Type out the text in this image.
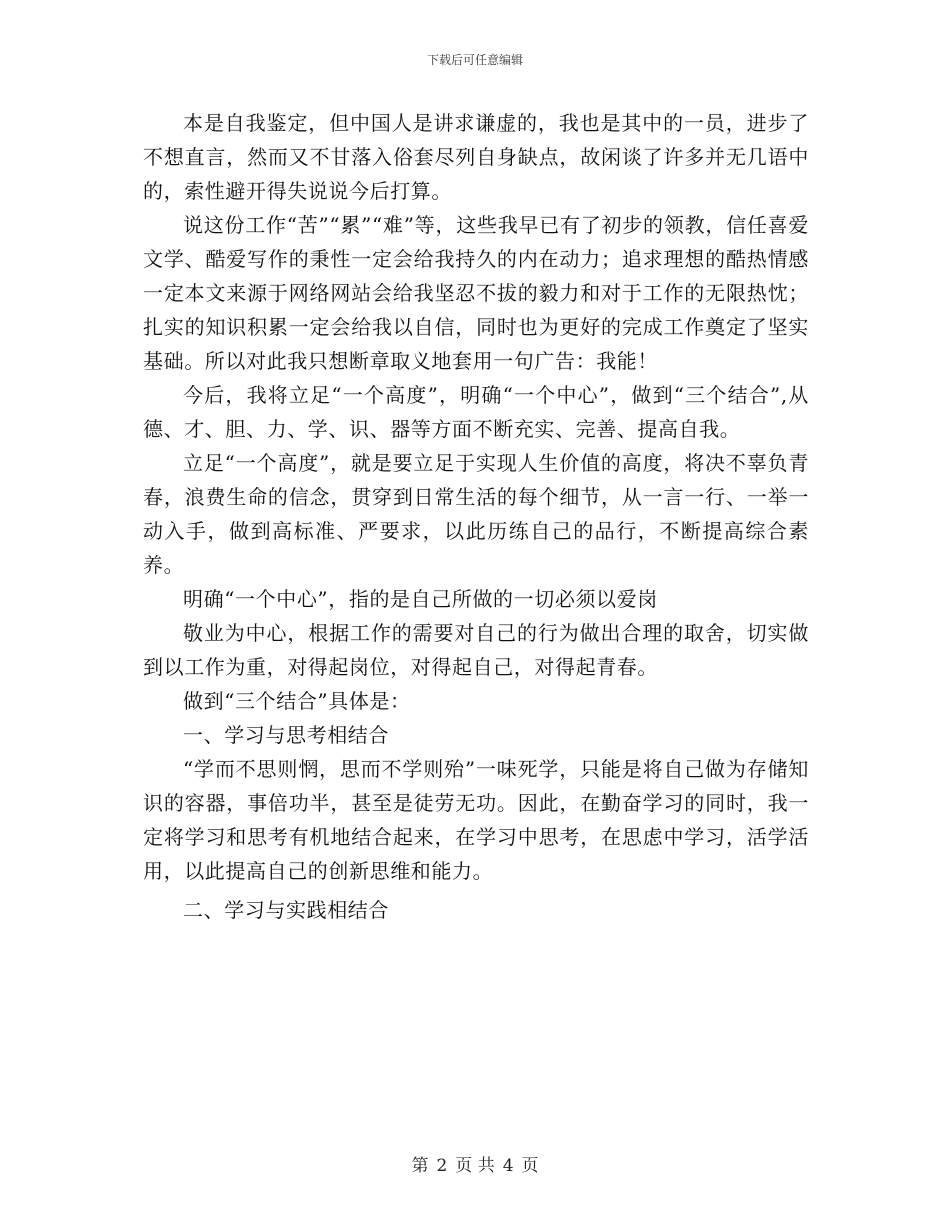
下载后可任意编辑

本是自我鉴定，但中国人是讲求谦虚的，我也是其中的一员，进步了不想直言，然而又不甘落入俗套尽列自身缺点，故闲谈了许多并无几语中的，索性避开得失说说今后打算。

说这份工作“苦”“累”“难”等，这些我早已有了初步的领教，信任喜爱文学、酷爱写作的秉性一定会给我持久的内在动力；追求理想的酷热情感一定本文来源于网络网站会给我坚忍不拔的毅力和对于工作的无限热忱；扎实的知识积累一定会给我以自信，同时也为更好的完成工作奠定了坚实基础。所以对此我只想断章取义地套用一句广告：我能！

今后，我将立足“一个高度”，明确“一个中心”，做到“三个结合”,从德、才、胆、力、学、识、器等方面不断充实、完善、提高自我。

立足“一个高度”，就是要立足于实现人生价值的高度，将决不辜负青春，浪费生命的信念，贯穿到日常生活的每个细节，从一言一行、一举一动入手，做到高标准、严要求，以此历练自己的品行，不断提高综合素养。

明确“一个中心”，指的是自己所做的一切必须以爱岗

敬业为中心，根据工作的需要对自己的行为做出合理的取舍，切实做到以工作为重，对得起岗位，对得起自己，对得起青春。

做到“三个结合”具体是：

一、学习与思考相结合

“学而不思则惘，思而不学则殆”一味死学，只能是将自己做为存储知识的容器，事倍功半，甚至是徒劳无功。因此，在勤奋学习的同时，我一定将学习和思考有机地结合起来，在学习中思考，在思虑中学习，活学活用，以此提高自己的创新思维和能力。

二、学习与实践相结合

第 2 页 共 4 页
